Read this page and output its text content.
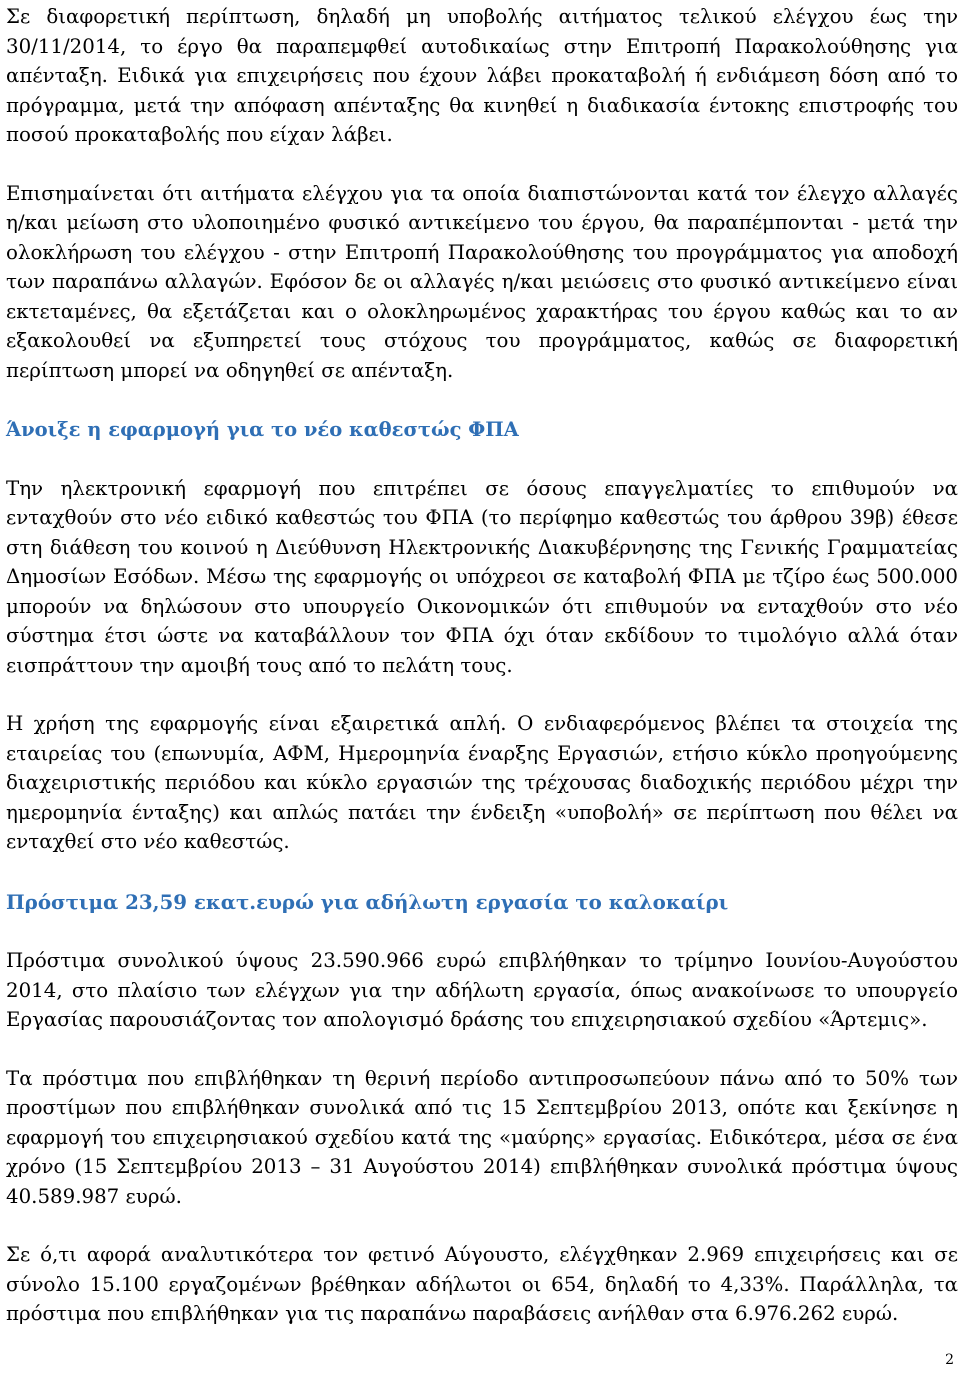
Σε διαφορετική περίπτωση, δηλαδή μη υποβολής αιτήματος τελικού ελέγχου έως την 30/11/2014, το έργο θα παραπεμφθεί αυτοδικαίως στην Επιτροπή Παρακολούθησης για απένταξη. Ειδικά για επιχειρήσεις που έχουν λάβει προκαταβολή ή ενδιάμεση δόση από το πρόγραμμα, μετά την απόφαση απένταξης θα κινηθεί η διαδικασία έντοκης επιστροφής του ποσού προκαταβολής που είχαν λάβει.

Επισημαίνεται ότι αιτήματα ελέγχου για τα οποία διαπιστώνονται κατά τον έλεγχο αλλαγές η/και μείωση στο υλοποιημένο φυσικό αντικείμενο του έργου, θα παραπέμπονται - μετά την ολοκλήρωση του ελέγχου - στην Επιτροπή Παρακολούθησης του προγράμματος για αποδοχή των παραπάνω αλλαγών. Εφόσον δε οι αλλαγές η/και μειώσεις στο φυσικό αντικείμενο είναι εκτεταμένες, θα εξετάζεται και ο ολοκληρωμένος χαρακτήρας του έργου καθώς και το αν εξακολουθεί να εξυπηρετεί τους στόχους του προγράμματος, καθώς σε διαφορετική περίπτωση μπορεί να οδηγηθεί σε απένταξη.

Άνοιξε η εφαρμογή για το νέο καθεστώς ΦΠΑ

Την ηλεκτρονική εφαρμογή που επιτρέπει σε όσους επαγγελματίες το επιθυμούν να ενταχθούν στο νέο ειδικό καθεστώς του ΦΠΑ (το περίφημο καθεστώς του άρθρου 39β) έθεσε στη διάθεση του κοινού η Διεύθυνση Ηλεκτρονικής Διακυβέρνησης της Γενικής Γραμματείας Δημοσίων Εσόδων. Μέσω της εφαρμογής οι υπόχρεοι σε καταβολή ΦΠΑ με τζίρο έως 500.000 μπορούν να δηλώσουν στο υπουργείο Οικονομικών ότι επιθυμούν να ενταχθούν στο νέο σύστημα έτσι ώστε να καταβάλλουν τον ΦΠΑ όχι όταν εκδίδουν το τιμολόγιο αλλά όταν εισπράττουν την αμοιβή τους από το πελάτη τους.

Η χρήση της εφαρμογής είναι εξαιρετικά απλή. Ο ενδιαφερόμενος βλέπει τα στοιχεία της εταιρείας του (επωνυμία, ΑΦΜ, Ημερομηνία έναρξης Εργασιών, ετήσιο κύκλο προηγούμενης διαχειριστικής περιόδου και κύκλο εργασιών της τρέχουσας διαδοχικής περιόδου μέχρι την ημερομηνία ένταξης) και απλώς πατάει την ένδειξη «υποβολή» σε περίπτωση που θέλει να ενταχθεί στο νέο καθεστώς.

Πρόστιμα 23,59 εκατ.ευρώ για αδήλωτη εργασία το καλοκαίρι

Πρόστιμα συνολικού ύψους 23.590.966 ευρώ επιβλήθηκαν το τρίμηνο Ιουνίου-Αυγούστου 2014, στο πλαίσιο των ελέγχων για την αδήλωτη εργασία, όπως ανακοίνωσε το υπουργείο Εργασίας παρουσιάζοντας τον απολογισμό δράσης του επιχειρησιακού σχεδίου «Άρτεμις».

Τα πρόστιμα που επιβλήθηκαν τη θερινή περίοδο αντιπροσωπεύουν πάνω από το 50% των προστίμων που επιβλήθηκαν συνολικά από τις 15 Σεπτεμβρίου 2013, οπότε και ξεκίνησε η εφαρμογή του επιχειρησιακού σχεδίου κατά της «μαύρης» εργασίας. Ειδικότερα, μέσα σε ένα χρόνο (15 Σεπτεμβρίου 2013 – 31 Αυγούστου 2014) επιβλήθηκαν συνολικά πρόστιμα ύψους 40.589.987 ευρώ.

Σε ό,τι αφορά αναλυτικότερα τον φετινό Αύγουστο, ελέγχθηκαν 2.969 επιχειρήσεις και σε σύνολο 15.100 εργαζομένων βρέθηκαν αδήλωτοι οι 654, δηλαδή το 4,33%. Παράλληλα, τα πρόστιμα που επιβλήθηκαν για τις παραπάνω παραβάσεις ανήλθαν στα 6.976.262 ευρώ.

2
